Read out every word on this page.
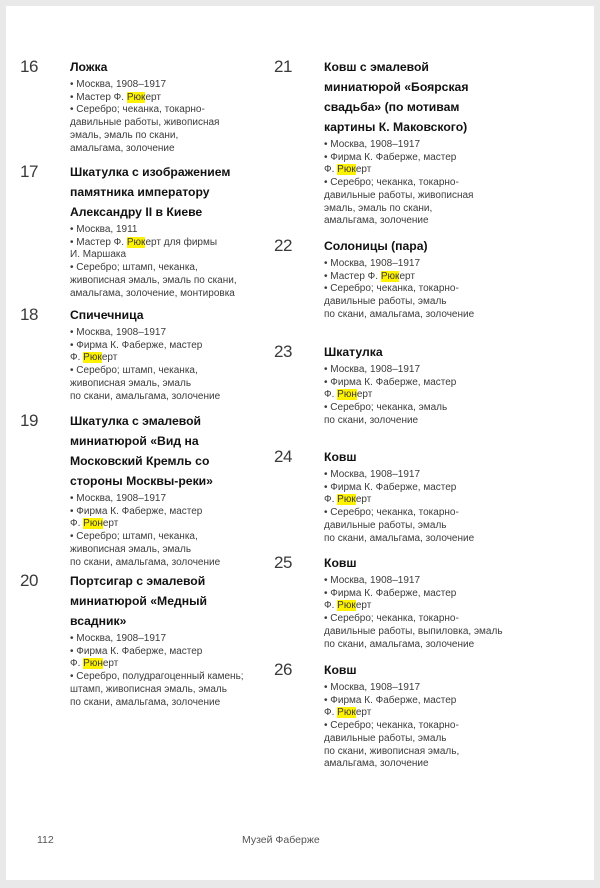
16	Ложка
• Москва, 1908–1917
• Мастер Ф. Рюкерт
• Серебро; чеканка, токарно-
давильные работы, живописная
эмаль, эмаль по скани,
амальгама, золочение
17	Шкатулка с изображением
памятника императору
Александру II в Киеве
• Москва, 1911
• Мастер Ф. Рюкерт для фирмы
И. Маршака
• Серебро; штамп, чеканка,
живописная эмаль, эмаль по скани,
амальгама, золочение, монтировка
18	Спичечница
• Москва, 1908–1917
• Фирма К. Фаберже, мастер
Ф. Рюкерт
• Серебро; штамп, чеканка,
живописная эмаль, эмаль
по скани, амальгама, золочение
19	Шкатулка с эмалевой
миниатюрой «Вид на
Московский Кремль со
стороны Москвы-реки»
• Москва, 1908–1917
• Фирма К. Фаберже, мастер
Ф. Рюнерт
• Серебро; штамп, чеканка,
живописная эмаль, эмаль
по скани, амальгама, золочение
20	Портсигар с эмалевой
миниатюрой «Медный
всадник»
• Москва, 1908–1917
• Фирма К. Фаберже, мастер
Ф. Рюнерт
• Серебро, полудрагоценный камень;
штамп, живописная эмаль, эмаль
по скани, амальгама, золочение
21	Ковш с эмалевой
миниатюрой «Боярская
свадьба» (по мотивам
картины К. Маковского)
• Москва, 1908–1917
• Фирма К. Фаберже, мастер
Ф. Рюкерт
• Серебро; чеканка, токарно-
давильные работы, живописная
эмаль, эмаль по скани,
амальгама, золочение
22	Солоницы (пара)
• Москва, 1908–1917
• Мастер Ф. Рюкерт
• Серебро; чеканка, токарно-
давильные работы, эмаль
по скани, амальгама, золочение
23	Шкатулка
• Москва, 1908–1917
• Фирма К. Фаберже, мастер
Ф. Рюнерт
• Серебро; чеканка, эмаль
по скани, золочение
24	Ковш
• Москва, 1908–1917
• Фирма К. Фаберже, мастер
Ф. Рюкерт
• Серебро; чеканка, токарно-
давильные работы, эмаль
по скани, амальгама, золочение
25	Ковш
• Москва, 1908–1917
• Фирма К. Фаберже, мастер
Ф. Рюкерт
• Серебро; чеканка, токарно-
давильные работы, выпиловка, эмаль
по скани, амальгама, золочение
26	Ковш
• Москва, 1908–1917
• Фирма К. Фаберже, мастер
Ф. Рюкерт
• Серебро; чеканка, токарно-
давильные работы, эмаль
по скани, живописная эмаль,
амальгама, золочение
112	Музей Фаберже
